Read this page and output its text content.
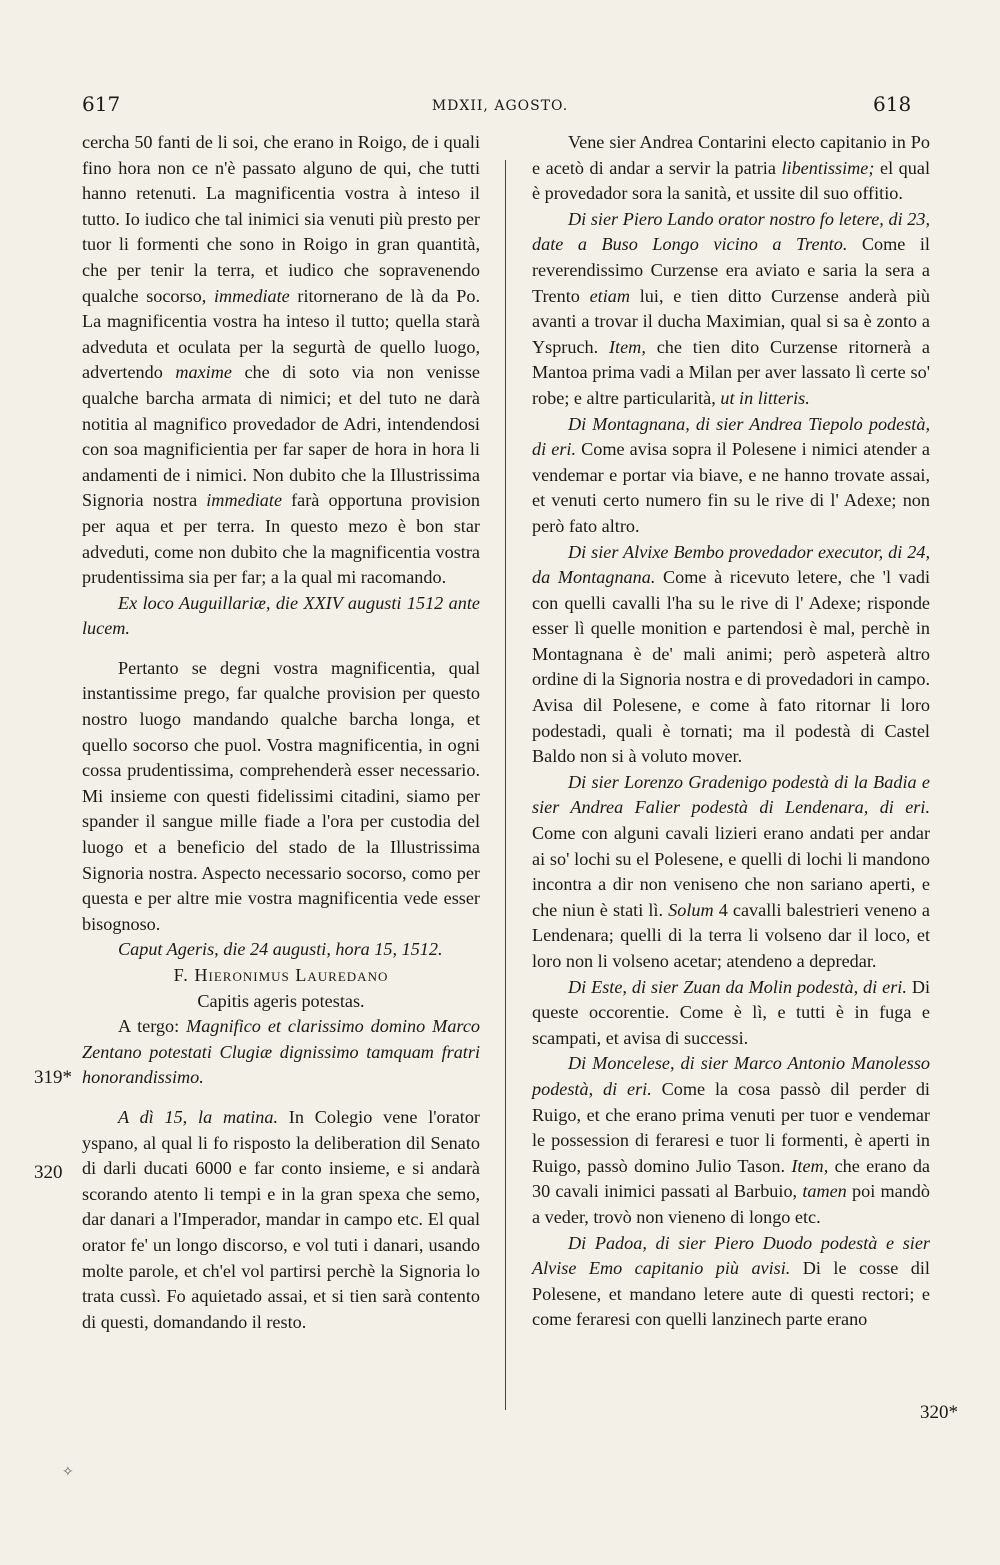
617	MDXII, AGOSTO.	618
319*
320
320*

cercha 50 fanti de li soi, che erano in Roigo, de i quali fino hora non ce n'è passato alguno de qui, che tutti hanno retenuti. La magnificentia vostra à inteso il tutto. Io iudico che tal inimici sia venuti più presto per tuor li formenti che sono in Roigo in gran quantità, che per tenir la terra, et iudico che sopravenendo qualche socorso, immediate ritornerano de là da Po. La magnificentia vostra ha inteso il tutto; quella starà adveduta et oculata per la segurtà de quello luogo, advertendo maxime che di soto via non venisse qualche barcha armata di nimici; et del tuto ne darà notitia al magnifico provedador de Adri, intendendosi con soa magnificientia per far saper de hora in hora li andamenti de i nimici. Non dubito che la Illustrissima Signoria nostra immediate farà opportuna provision per aqua et per terra. In questo mezo è bon star adveduti, come non dubito che la magnificentia vostra prudentissima sia per far; a la qual mi racomando.

Ex loco Auguillariæ, die XXIV augusti 1512 ante lucem.

Pertanto se degni vostra magnificentia, qual instantissime prego, far qualche provision per questo nostro luogo mandando qualche barcha longa, et quello socorso che puol. Vostra magnificentia, in ogni cossa prudentissima, comprehenderà esser necessario. Mi insieme con questi fidelissimi citadini, siamo per spander il sangue mille fiade a l'ora per custodia del luogo et a beneficio del stado de la Illustrissima Signoria nostra. Aspecto necessario socorso, como per questa e per altre mie vostra magnificentia vede esser bisognoso.

Caput Ageris, die 24 augusti, hora 15, 1512.

F. Hieronimus Lauredano

Capitis ageris potestas.

A tergo: Magnifico et clarissimo domino Marco Zentano potestati Clugiæ dignissimo tamquam fratri honorandissimo.

A dì 15, la matina. In Colegio vene l'orator yspano, al qual li fo risposto la deliberation dil Senato di darli ducati 6000 e far conto insieme, e si andarà scorando atento li tempi e in la gran spexa che semo, dar danari a l'Imperador, mandar in campo etc. El qual orator fe' un longo discorso, e vol tuti i danari, usando molte parole, et ch'el vol partirsi perchè la Signoria lo trata cussì. Fo aquietado assai, et si tien sarà contento di questi, domandando il resto.

Vene sier Andrea Contarini electo capitanio in Po e acetò di andar a servir la patria libentissime; el qual è provedador sora la sanità, et ussite dil suo offitio.

Di sier Piero Lando orator nostro fo letere, di 23, date a Buso Longo vicino a Trento. Come il reverendissimo Curzense era aviato e saria la sera a Trento etiam lui, e tien ditto Curzense anderà più avanti a trovar il ducha Maximian, qual si sa è zonto a Yspruch. Item, che tien dito Curzense ritornerà a Mantoa prima vadi a Milan per aver lassato lì certe so' robe; e altre particularità, ut in litteris.

Di Montagnana, di sier Andrea Tiepolo podestà, di eri. Come avisa sopra il Polesene i nimici atender a vendemar e portar via biave, e ne hanno trovate assai, et venuti certo numero fin su le rive di l' Adexe; non però fato altro.

Di sier Alvixe Bembo provedador executor, di 24, da Montagnana. Come à ricevuto letere, che 'l vadi con quelli cavalli l'ha su le rive di l' Adexe; risponde esser lì quelle monition e partendosi è mal, perchè in Montagnana è de' mali animi; però aspeterà altro ordine di la Signoria nostra e di provedadori in campo. Avisa dil Polesene, e come à fato ritornar li loro podestadi, quali è tornati; ma il podestà di Castel Baldo non si à voluto mover.

Di sier Lorenzo Gradenigo podestà di la Badia e sier Andrea Falier podestà di Lendenara, di eri. Come con alguni cavali lizieri erano andati per andar ai so' lochi su el Polesene, e quelli di lochi li mandono incontra a dir non veniseno che non sariano aperti, e che niun è stati lì. Solum 4 cavalli balestrieri veneno a Lendenara; quelli di la terra li volseno dar il loco, et loro non li volseno acetar; atendeno a depredar.

Di Este, di sier Zuan da Molin podestà, di eri. Di queste occorentie. Come è lì, e tutti è in fuga e scampati, et avisa di successi.

Di Moncelese, di sier Marco Antonio Manolesso podestà, di eri. Come la cosa passò dil perder di Ruigo, et che erano prima venuti per tuor e vendemar le possession di feraresi e tuor li formenti, è aperti in Ruigo, passò domino Julio Tason. Item, che erano da 30 cavali inimici passati al Barbuio, tamen poi mandò a veder, trovò non vieneno di longo etc.

Di Padoa, di sier Piero Duodo podestà e sier Alvise Emo capitanio più avisi. Di le cosse dil Polesene, et mandano letere aute di questi rectori; e come feraresi con quelli lanzinech parte erano

✧
